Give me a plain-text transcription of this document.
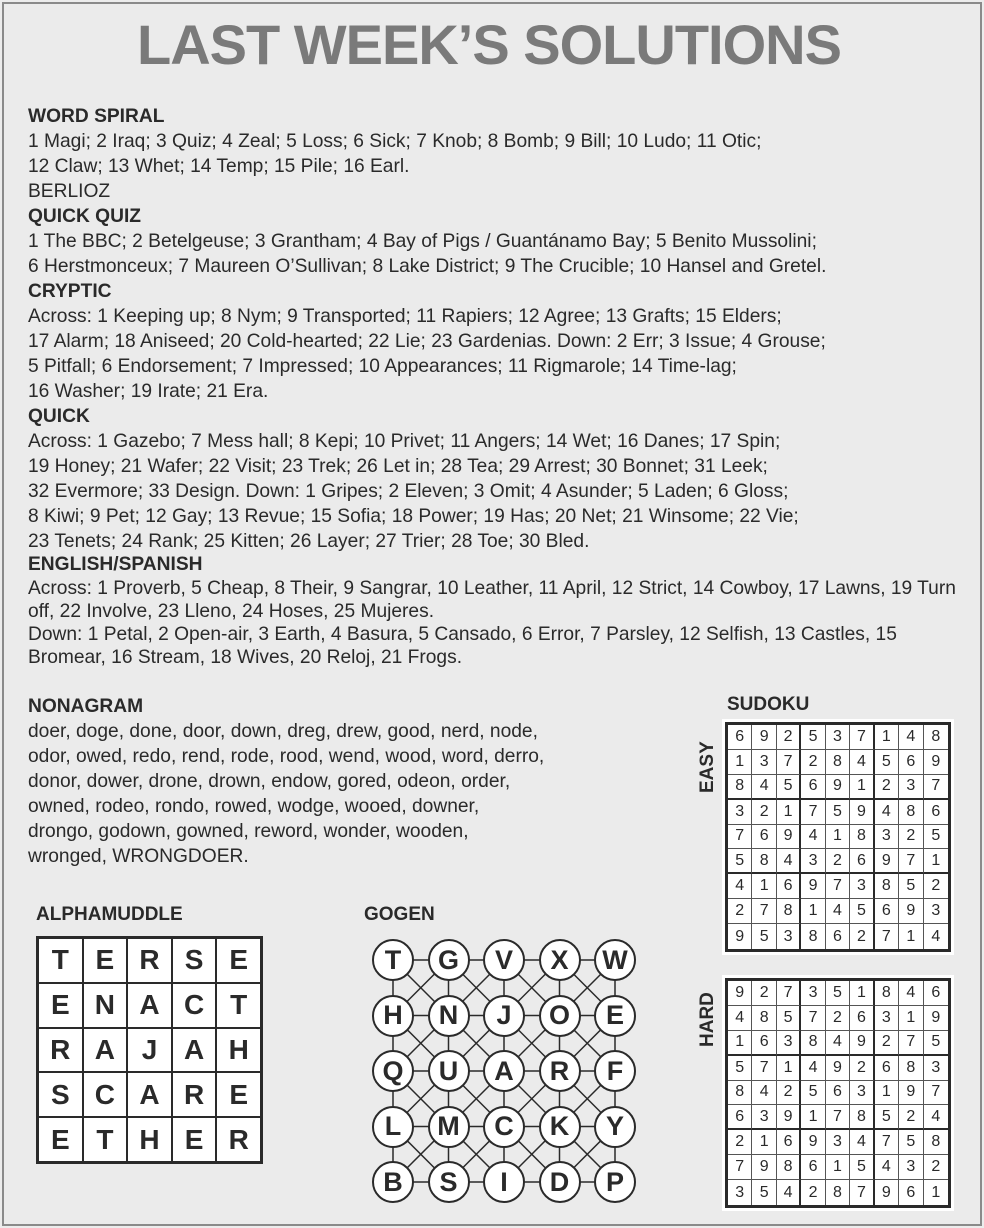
LAST WEEK’S SOLUTIONS
WORD SPIRAL
1 Magi; 2 Iraq; 3 Quiz; 4 Zeal; 5 Loss; 6 Sick; 7 Knob; 8 Bomb; 9 Bill; 10 Ludo; 11 Otic;
12 Claw; 13 Whet; 14 Temp; 15 Pile; 16 Earl.
BERLIOZ
QUICK QUIZ
1 The BBC; 2 Betelgeuse; 3 Grantham; 4 Bay of Pigs / Guantánamo Bay; 5 Benito Mussolini;
6 Herstmonceux; 7 Maureen O’Sullivan; 8 Lake District; 9 The Crucible; 10 Hansel and Gretel.
CRYPTIC
Across: 1 Keeping up; 8 Nym; 9 Transported; 11 Rapiers; 12 Agree; 13 Grafts; 15 Elders;
17 Alarm; 18 Aniseed; 20 Cold-hearted; 22 Lie; 23 Gardenias. Down: 2 Err; 3 Issue; 4 Grouse;
5 Pitfall; 6 Endorsement; 7 Impressed; 10 Appearances; 11 Rigmarole; 14 Time-lag;
16 Washer; 19 Irate; 21 Era.
QUICK
Across: 1 Gazebo; 7 Mess hall; 8 Kepi; 10 Privet; 11 Angers; 14 Wet; 16 Danes; 17 Spin;
19 Honey; 21 Wafer; 22 Visit; 23 Trek; 26 Let in; 28 Tea; 29 Arrest; 30 Bonnet; 31 Leek;
32 Evermore; 33 Design. Down: 1 Gripes; 2 Eleven; 3 Omit; 4 Asunder; 5 Laden; 6 Gloss;
8 Kiwi; 9 Pet; 12 Gay; 13 Revue; 15 Sofia; 18 Power; 19 Has; 20 Net; 21 Winsome; 22 Vie;
23 Tenets; 24 Rank; 25 Kitten; 26 Layer; 27 Trier; 28 Toe; 30 Bled.
ENGLISH/SPANISH
Across: 1 Proverb, 5 Cheap, 8 Their, 9 Sangrar, 10 Leather, 11 April, 12 Strict, 14 Cowboy, 17 Lawns, 19 Turn off, 22 Involve, 23 Lleno, 24 Hoses, 25 Mujeres.
Down: 1 Petal, 2 Open-air, 3 Earth, 4 Basura, 5 Cansado, 6 Error, 7 Parsley, 12 Selfish, 13 Castles, 15 Bromear, 16 Stream, 18 Wives, 20 Reloj, 21 Frogs.
NONAGRAM
doer, doge, done, door, down, dreg, drew, good, nerd, node,
odor, owed, redo, rend, rode, rood, wend, wood, word, derro,
donor, dower, drone, drown, endow, gored, odeon, order,
owned, rodeo, rondo, rowed, wodge, wooed, downer,
drongo, godown, gowned, reword, wonder, wooden,
wronged, WRONGDOER.
ALPHAMUDDLE
T E R S E
E N A C T
R A J A H
S C A R E
E T H E R
GOGEN
T	G	V	X	W
H	N	J	O	E
Q	U	A	R	F
L	M	C	K	Y
B	S	I	D	P
SUDOKU
EASY
6 9 2	5 3 7	1 4	8
1 3 7	2 8 4	5 6	9
8 4 5	6 9 1	2 3	7
3 2 1	7 5 9	4 8	6
7 6 9	4 1 8	3 2	5
5 8 4	3 2 6	9 7	1
4 1 6	9 7 3	8 5	2
2 7 8	1 4 5	6 9	3
9 5 3	8 6 2	7 1	4
HARD	9 2 7	3 5 1	8 4	6
4 8 5	7 2 6	3 1	9
1 6 3	8 4 9	2 7	5
5 7 1	4 9 2	6 8	3
8 4 2	5 6 3	1 9	7
6 3 9	1 7 8	5 2	4
2 1 6	9 3 4	7 5	8
7 9 8	6 1 5	4 3	2
3 5 4	2 8 7	9 6	1
